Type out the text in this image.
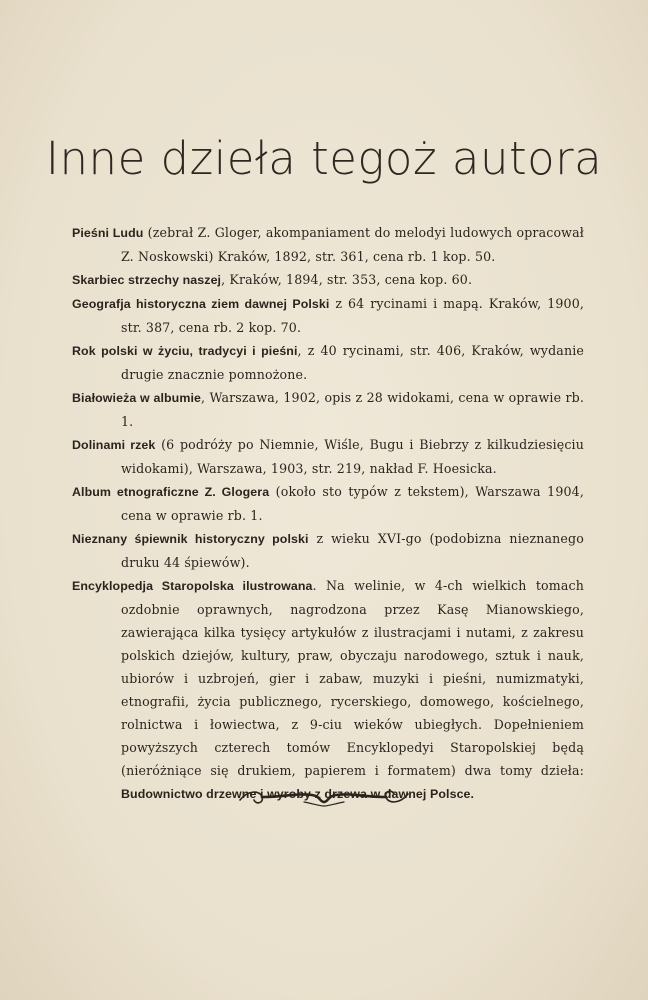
Inne dzieła tegoż autora
Pieśni Ludu (zebrał Z. Gloger, akompaniament do melodyi ludowych opracował Z. Noskowski) Kraków, 1892, str. 361, cena rb. 1 kop. 50.
Skarbiec strzechy naszej, Kraków, 1894, str. 353, cena kop. 60.
Geografja historyczna ziem dawnej Polski z 64 rycinami i mapą. Kraków, 1900, str. 387, cena rb. 2 kop. 70.
Rok polski w życiu, tradycyi i pieśni, z 40 rycinami, str. 406, Kraków, wydanie drugie znacznie pomnożone.
Białowieża w albumie, Warszawa, 1902, opis z 28 widokami, cena w oprawie rb. 1.
Dolinami rzek (6 podróży po Niemnie, Wiśle, Bugu i Biebrzy z kilkudziesięciu widokami), Warszawa, 1903, str. 219, nakład F. Hoesicka.
Album etnograficzne Z. Glogera (około sto typów z tekstem), Warszawa 1904, cena w oprawie rb. 1.
Nieznany śpiewnik historyczny polski z wieku XVI-go (podobizna nieznanego druku 44 śpiewów).
Encyklopedja Staropolska ilustrowana. Na welinie, w 4-ch wielkich tomach ozdobnie oprawnych, nagrodzona przez Kasę Mianowskiego, zawierająca kilka tysięcy artykułów z ilustracjami i nutami, z zakresu polskich dziejów, kultury, praw, obyczaju narodowego, sztuk i nauk, ubiorów i uzbrojeń, gier i zabaw, muzyki i pieśni, numizmatyki, etnografii, życia publicznego, rycerskiego, domowego, kościelnego, rolnictwa i łowiectwa, z 9-ciu wieków ubiegłych. Dopełnieniem powyższych czterech tomów Encyklopedyi Staropolskiej będą (nieróżniące się drukiem, papierem i formatem) dwa tomy dzieła: Budownictwo drzewne i wyroby z drzewa w dawnej Polsce.
